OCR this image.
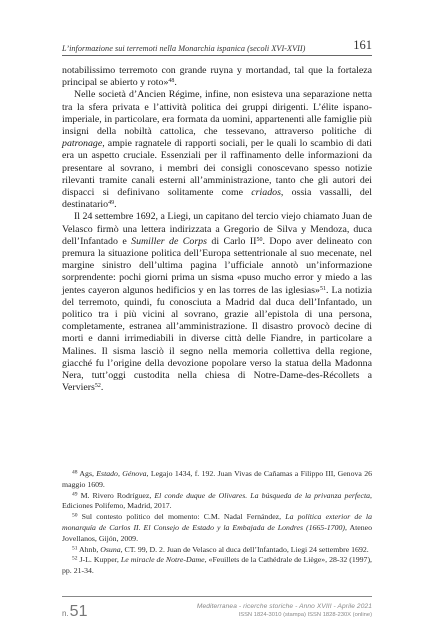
L’informazione sui terremoti nella Monarchia ispanica (secoli XVI-XVII)	161

notabilissimo terremoto con grande ruyna y mortandad, tal que la fortaleza principal se abierto y roto»$^{48}$.

Nelle società d’Ancien Régime, infine, non esisteva una separazione netta tra la sfera privata e l’attività politica dei gruppi dirigenti. L’élite ispano-imperiale, in particolare, era formata da uomini, appartenenti alle famiglie più insigni della nobiltà cattolica, che tessevano, attraverso politiche di patronage, ampie ragnatele di rapporti sociali, per le quali lo scambio di dati era un aspetto cruciale. Essenziali per il raffinamento delle informazioni da presentare al sovrano, i membri dei consigli conoscevano spesso notizie rilevanti tramite canali esterni all’amministrazione, tanto che gli autori dei dispacci si definivano solitamente come criados, ossia vassalli, del destinatario$^{49}$.

Il 24 settembre 1692, a Liegi, un capitano del tercio viejo chiamato Juan de Velasco firmò una lettera indirizzata a Gregorio de Silva y Mendoza, duca dell’Infantado e Sumiller de Corps di Carlo II$^{50}$. Dopo aver delineato con premura la situazione politica dell’Europa settentrionale al suo mecenate, nel margine sinistro dell’ultima pagina l’ufficiale annotò un’informazione sorprendente: pochi giorni prima un sisma «puso mucho error y miedo a las jentes cayeron algunos hedificios y en las torres de las iglesias»$^{51}$. La notizia del terremoto, quindi, fu conosciuta a Madrid dal duca dell’Infantado, un politico tra i più vicini al sovrano, grazie all’epistola di una persona, completamente, estranea all’amministrazione. Il disastro provocò decine di morti e danni irrimediabili in diverse città delle Fiandre, in particolare a Malines. Il sisma lasciò il segno nella memoria collettiva della regione, giacché fu l’origine della devozione popolare verso la statua della Madonna Nera, tutt’oggi custodita nella chiesa di Notre-Dame-des-Récollets a Verviers$^{52}$.

$^{48}$ Ags, Estado, Génova, Legajo 1434, f. 192. Juan Vivas de Cañamas a Filippo III, Genova 26 maggio 1609.

$^{49}$ M. Rivero Rodríguez, El conde duque de Olivares. La búsqueda de la privanza perfecta, Ediciones Polifemo, Madrid, 2017.

$^{50}$ Sul contesto politico del momento: C.M. Nadal Fernández, La política exterior de la monarquía de Carlos II. El Consejo de Estado y la Embajada de Londres (1665-1700), Ateneo Jovellanos, Gijón, 2009.

$^{51}$ Ahnb, Osuna, CT. 99, D. 2. Juan de Velasco al duca dell’Infantado, Liegi 24 settembre 1692.

$^{52}$ J-L. Kupper, Le miracle de Notre-Dame, «Feuillets de la Cathédrale de Liège», 28-32 (1997), pp. 21-34.

n. 51	Mediterranea - ricerche storiche - Anno XVIII - Aprile 2021
ISSN 1824-3010 (stampa) ISSN 1828-230X (online)
